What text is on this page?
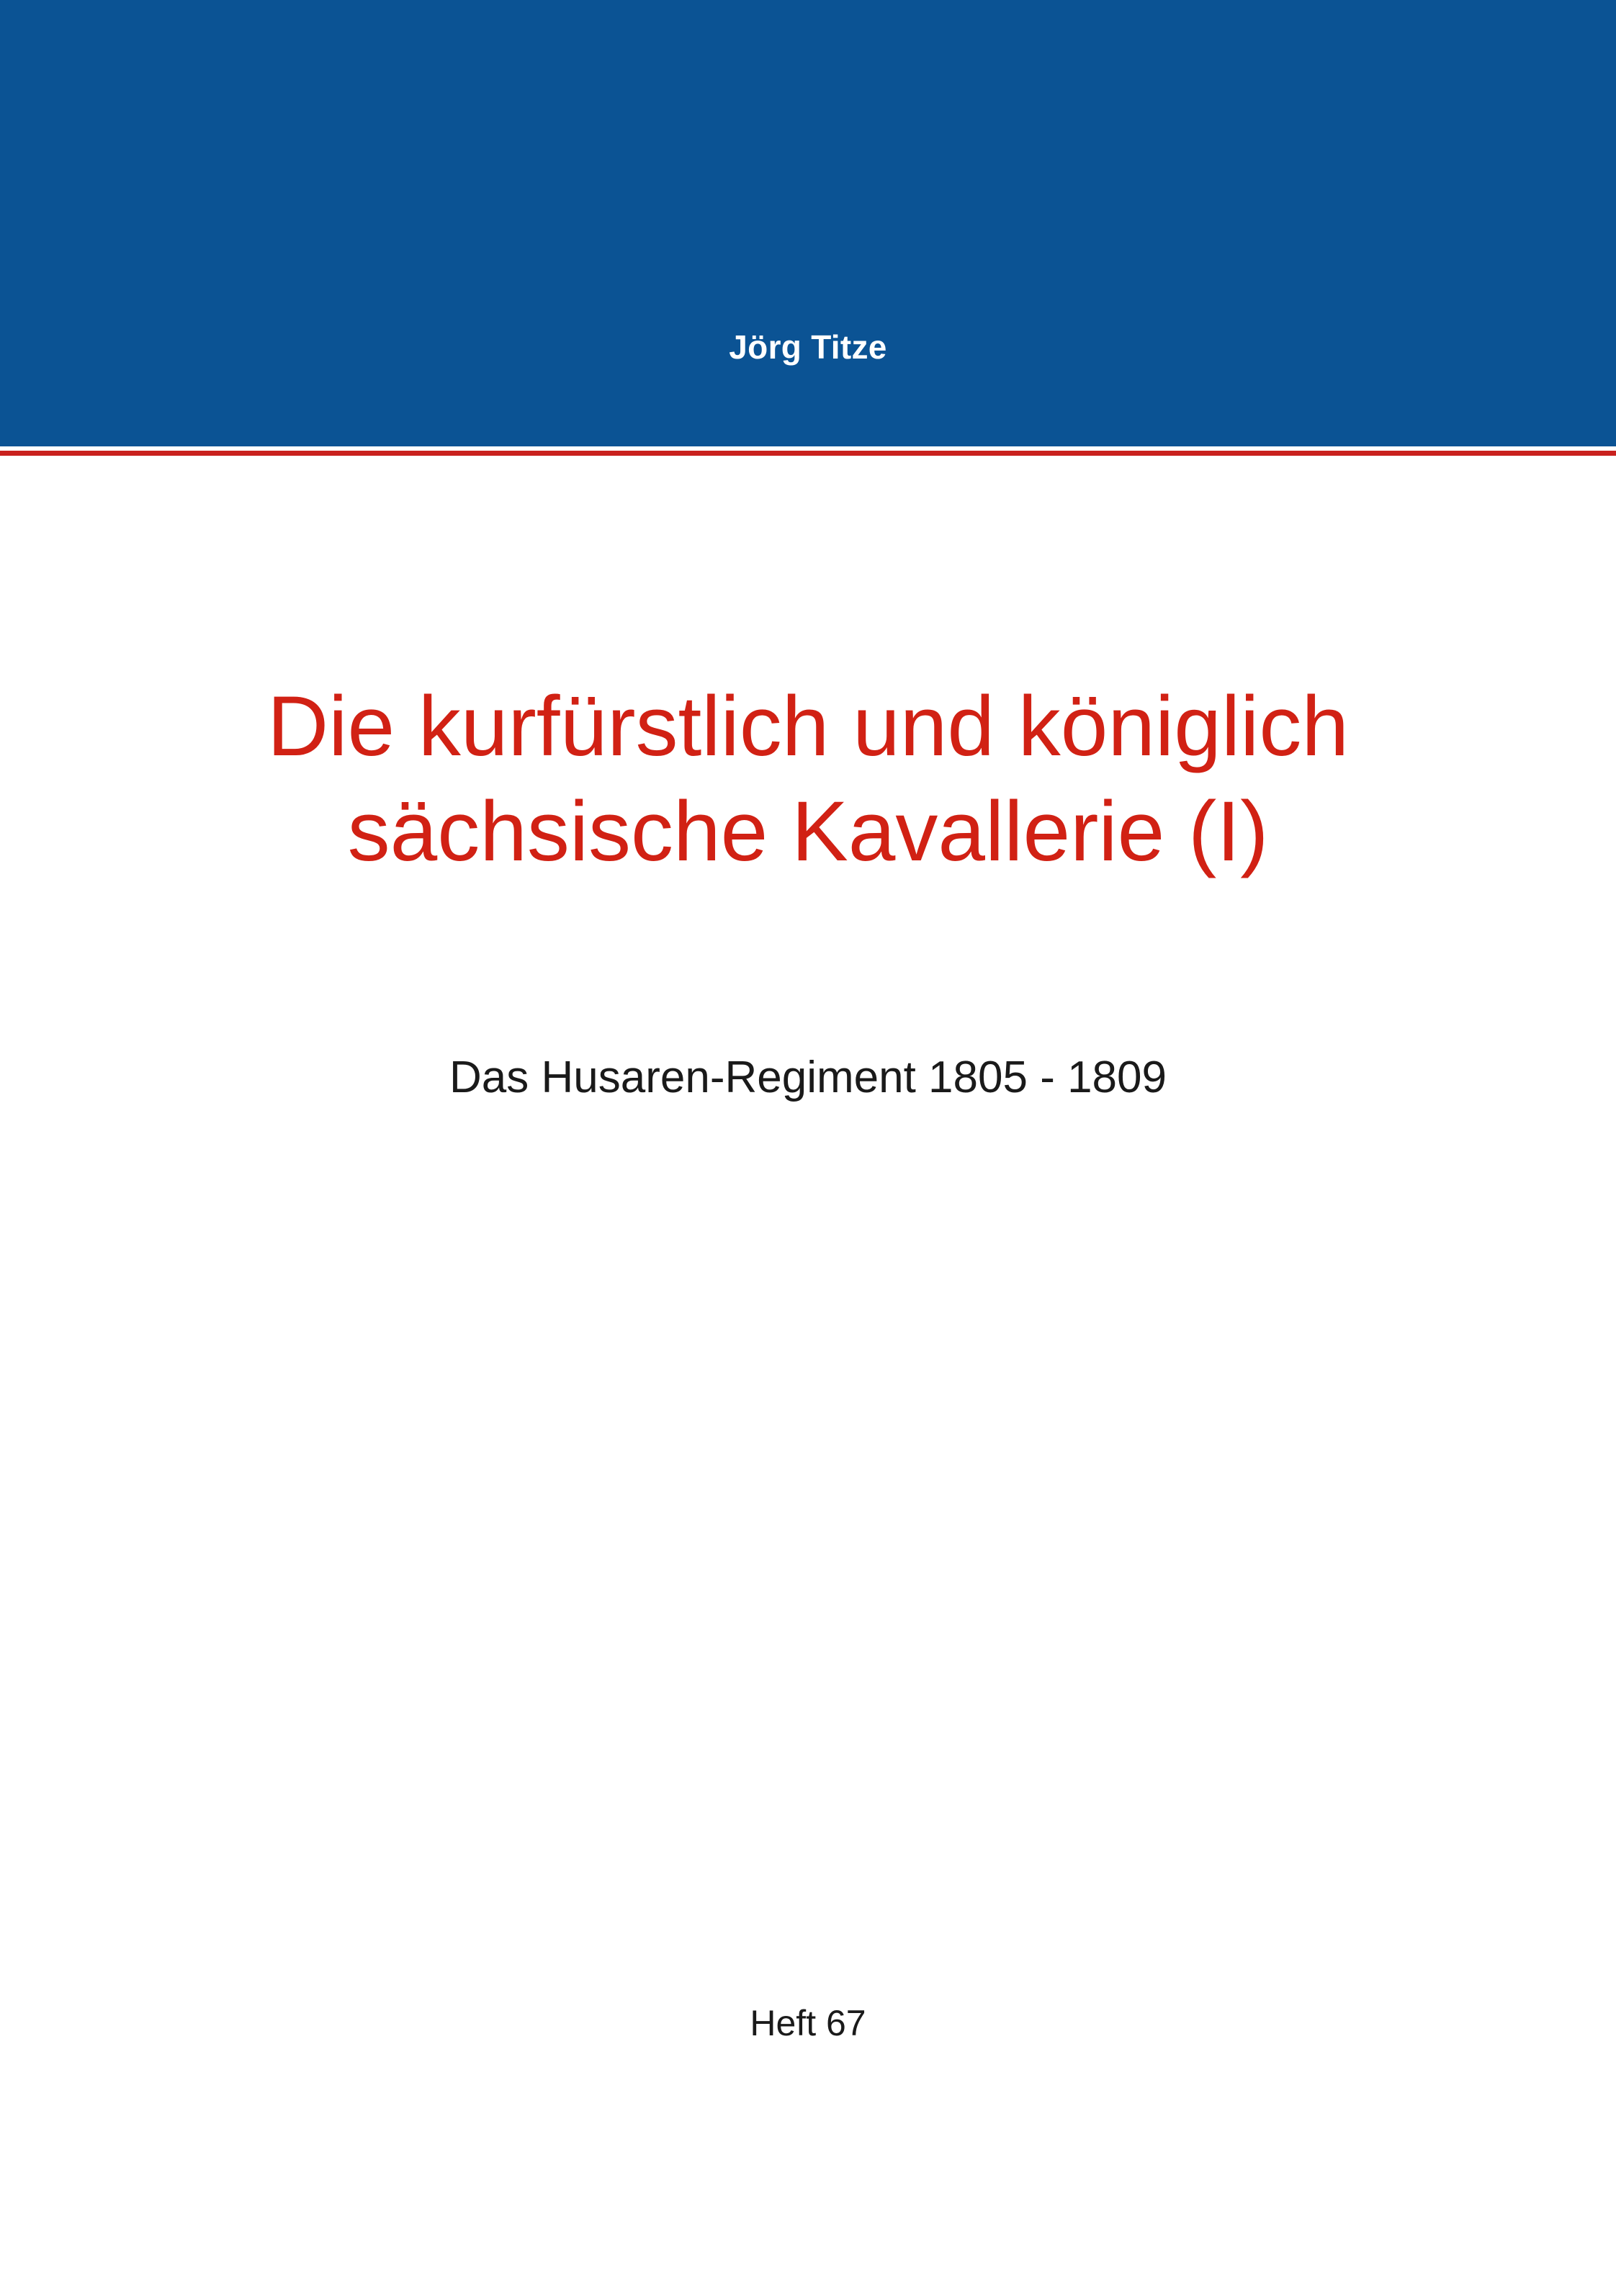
Jörg Titze
Die kurfürstlich und königlich sächsische Kavallerie (I)
Das Husaren-Regiment 1805 - 1809
Heft 67
